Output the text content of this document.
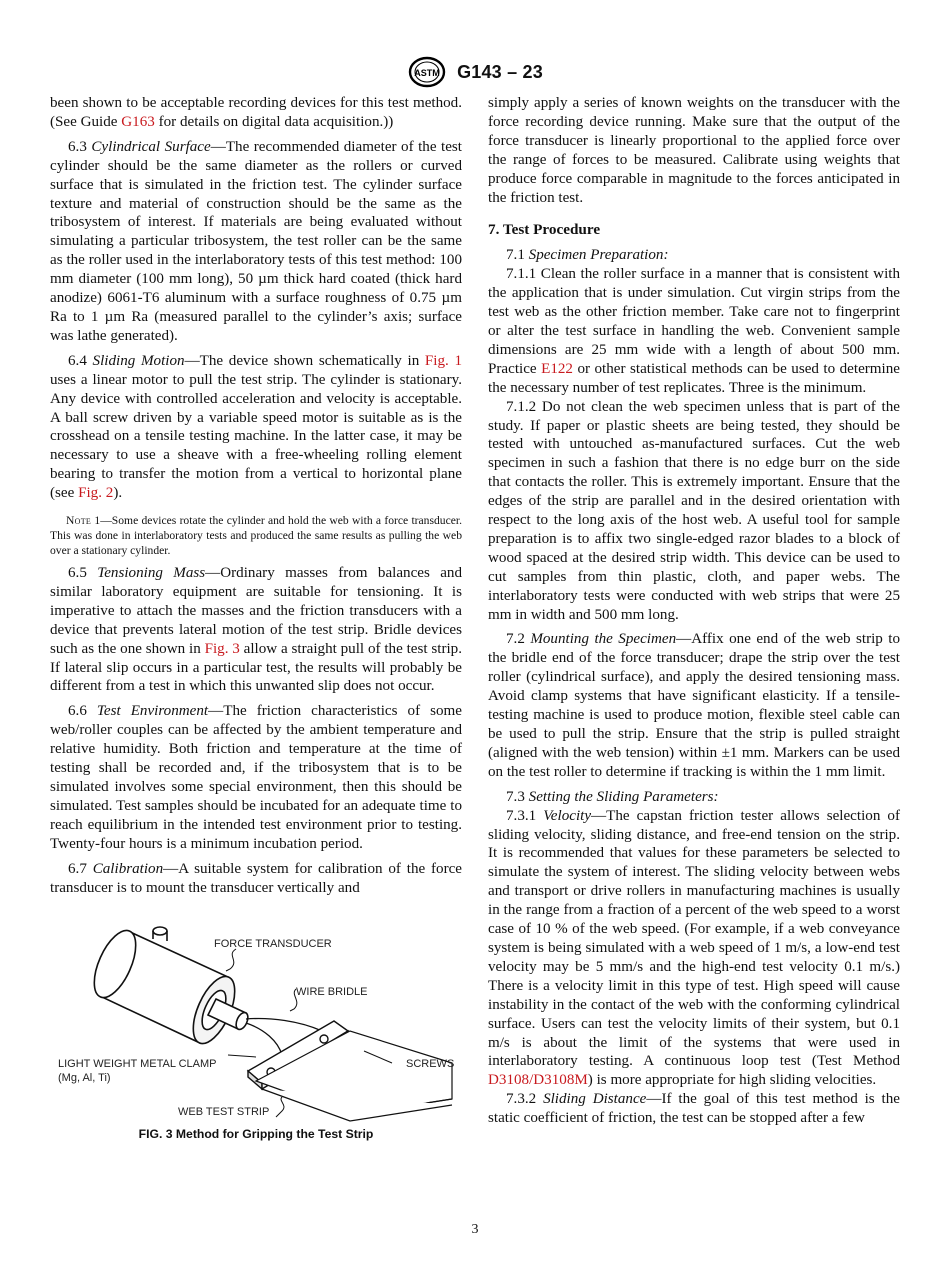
ASTM G143 – 23

been shown to be acceptable recording devices for this test method. (See Guide G163 for details on digital data acquisition.))

6.3 Cylindrical Surface—The recommended diameter of the test cylinder should be the same diameter as the rollers or curved surface that is simulated in the friction test. The cylinder surface texture and material of construction should be the same as the tribosystem of interest. If materials are being evaluated without simulating a particular tribosystem, the test roller can be the same as the roller used in the interlaboratory tests of this test method: 100 mm diameter (100 mm long), 50 µm thick hard coated (thick hard anodize) 6061-T6 aluminum with a surface roughness of 0.75 µm Ra to 1 µm Ra (measured parallel to the cylinder’s axis; surface was lathe generated).

6.4 Sliding Motion—The device shown schematically in Fig. 1 uses a linear motor to pull the test strip. The cylinder is stationary. Any device with controlled acceleration and velocity is acceptable. A ball screw driven by a variable speed motor is suitable as is the crosshead on a tensile testing machine. In the latter case, it may be necessary to use a sheave with a free-wheeling rolling element bearing to transfer the motion from a vertical to horizontal plane (see Fig. 2).

Note 1—Some devices rotate the cylinder and hold the web with a force transducer. This was done in interlaboratory tests and produced the same results as pulling the web over a stationary cylinder.

6.5 Tensioning Mass—Ordinary masses from balances and similar laboratory equipment are suitable for tensioning. It is imperative to attach the masses and the friction transducers with a device that prevents lateral motion of the test strip. Bridle devices such as the one shown in Fig. 3 allow a straight pull of the test strip. If lateral slip occurs in a particular test, the results will probably be different from a test in which this unwanted slip does not occur.

6.6 Test Environment—The friction characteristics of some web/roller couples can be affected by the ambient temperature and relative humidity. Both friction and temperature at the time of testing shall be recorded and, if the tribosystem that is to be simulated involves some special environment, then this should be simulated. Test samples should be incubated for an adequate time to reach equilibrium in the intended test environment prior to testing. Twenty-four hours is a minimum incubation period.

6.7 Calibration—A suitable system for calibration of the force transducer is to mount the transducer vertically and

FORCE TRANSDUCER
WIRE BRIDLE
SCREWS
LIGHT WEIGHT METAL CLAMP
(Mg, Al, Ti)
WEB TEST STRIP
FIG. 3 Method for Gripping the Test Strip

simply apply a series of known weights on the transducer with the force recording device running. Make sure that the output of the force transducer is linearly proportional to the applied force over the range of forces to be measured. Calibrate using weights that produce force comparable in magnitude to the forces anticipated in the friction test.

7. Test Procedure

7.1 Specimen Preparation:

7.1.1 Clean the roller surface in a manner that is consistent with the application that is under simulation. Cut virgin strips from the test web as the other friction member. Take care not to fingerprint or alter the test surface in handling the web. Convenient sample dimensions are 25 mm wide with a length of about 500 mm. Practice E122 or other statistical methods can be used to determine the necessary number of test replicates. Three is the minimum.

7.1.2 Do not clean the web specimen unless that is part of the study. If paper or plastic sheets are being tested, they should be tested with untouched as-manufactured surfaces. Cut the web specimen in such a fashion that there is no edge burr on the side that contacts the roller. This is extremely important. Ensure that the edges of the strip are parallel and in the desired orientation with respect to the long axis of the host web. A useful tool for sample preparation is to affix two single-edged razor blades to a block of wood spaced at the desired strip width. This device can be used to cut samples from thin plastic, cloth, and paper webs. The interlaboratory tests were conducted with web strips that were 25 mm in width and 500 mm long.

7.2 Mounting the Specimen—Affix one end of the web strip to the bridle end of the force transducer; drape the strip over the test roller (cylindrical surface), and apply the desired tensioning mass. Avoid clamp systems that have significant elasticity. If a tensile-testing machine is used to produce motion, flexible steel cable can be used to pull the strip. Ensure that the strip is pulled straight (aligned with the web tension) within ±1 mm. Markers can be used on the test roller to determine if tracking is within the 1 mm limit.

7.3 Setting the Sliding Parameters:

7.3.1 Velocity—The capstan friction tester allows selection of sliding velocity, sliding distance, and free-end tension on the strip. It is recommended that values for these parameters be selected to simulate the system of interest. The sliding velocity between webs and transport or drive rollers in manufacturing machines is usually in the range from a fraction of a percent of the web speed to a worst case of 10 % of the web speed. (For example, if a web conveyance system is being simulated with a web speed of 1 m/s, a low-end test velocity may be 5 mm/s and the high-end test velocity 0.1 m/s.) There is a velocity limit in this type of test. High speed will cause instability in the contact of the web with the conforming cylindrical surface. Users can test the velocity limits of their system, but 0.1 m/s is about the limit of the systems that were used in interlaboratory testing. A continuous loop test (Test Method D3108/D3108M) is more appropriate for high sliding velocities.

7.3.2 Sliding Distance—If the goal of this test method is the static coefficient of friction, the test can be stopped after a few

3
